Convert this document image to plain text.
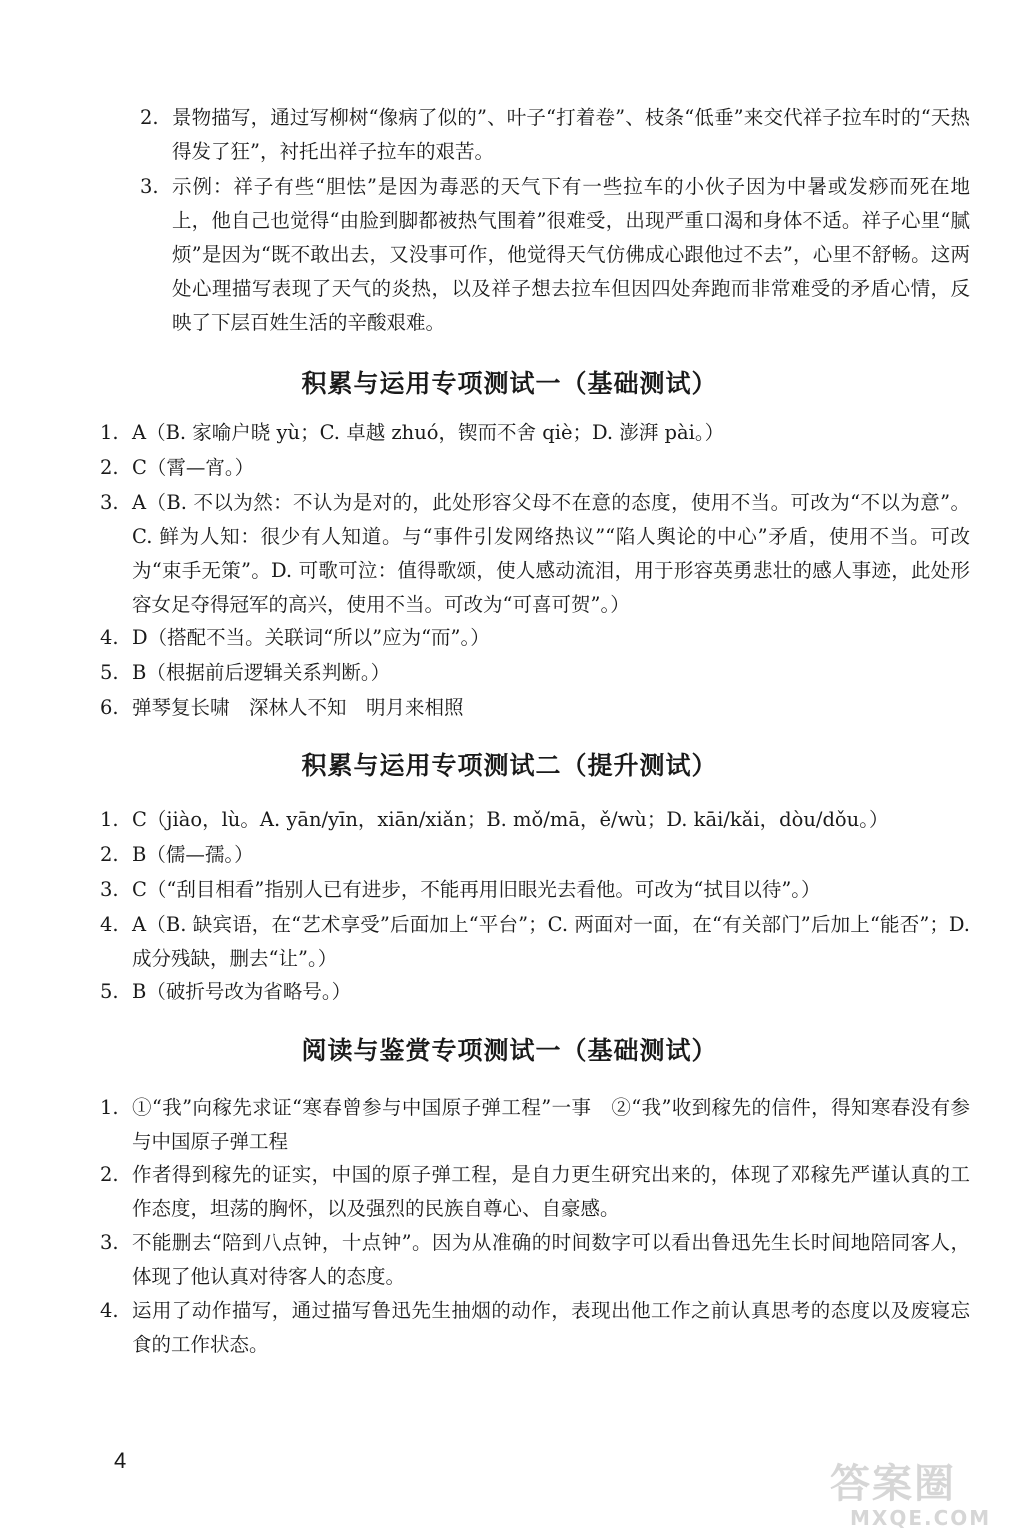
2. 景物描写，通过写柳树“像病了似的”、叶子“打着卷”、枝条“低垂”来交代祥子拉车时的“天热得发了狂”，衬托出祥子拉车的艰苦。
3. 示例：祥子有些“胆怯”是因为毒恶的天气下有一些拉车的小伙子因为中暑或发痧而死在地上，他自己也觉得“由脸到脚都被热气围着”很难受，出现严重口渴和身体不适。祥子心里“腻烦”是因为“既不敢出去，又没事可作，他觉得天气仿佛成心跟他过不去”，心里不舒畅。这两处心理描写表现了天气的炎热，以及祥子想去拉车但因四处奔跑而非常难受的矛盾心情，反映了下层百姓生活的辛酸艰难。
积累与运用专项测试一（基础测试）
1. A（B. 家喻户晓 yù；C. 卓越 zhuó，锲而不舍 qiè；D. 澎湃 pài。）
2. C（霄—宵。）
3. A（B. 不以为然：不认为是对的，此处形容父母不在意的态度，使用不当。可改为“不以为意”。C. 鲜为人知：很少有人知道。与“事件引发网络热议”“陷人舆论的中心”矛盾，使用不当。可改为“束手无策”。D. 可歌可泣：值得歌颂，使人感动流泪，用于形容英勇悲壮的感人事迹，此处形容女足夺得冠军的高兴，使用不当。可改为“可喜可贺”。）
4. D（搭配不当。关联词“所以”应为“而”。）
5. B（根据前后逻辑关系判断。）
6. 弹琴复长啸　深林人不知　明月来相照
积累与运用专项测试二（提升测试）
1. C（jiào，lù。A. yān/yīn，xiān/xiǎn；B. mǒ/mā，ě/wù；D. kāi/kǎi，dòu/dǒu。）
2. B（儒—孺。）
3. C（“刮目相看”指别人已有进步，不能再用旧眼光去看他。可改为“拭目以待”。）
4. A（B. 缺宾语，在“艺术享受”后面加上“平台”；C. 两面对一面，在“有关部门”后加上“能否”；D. 成分残缺，删去“让”。）
5. B（破折号改为省略号。）
阅读与鉴赏专项测试一（基础测试）
1. ①“我”向稼先求证“寒春曾参与中国原子弹工程”一事　②“我”收到稼先的信件，得知寒春没有参与中国原子弹工程
2. 作者得到稼先的证实，中国的原子弹工程，是自力更生研究出来的，体现了邓稼先严谨认真的工作态度，坦荡的胸怀，以及强烈的民族自尊心、自豪感。
3. 不能删去“陪到八点钟，十点钟”。因为从准确的时间数字可以看出鲁迅先生长时间地陪同客人，体现了他认真对待客人的态度。
4. 运用了动作描写，通过描写鲁迅先生抽烟的动作，表现出他工作之前认真思考的态度以及废寝忘食的工作状态。
4
答案圈
MXQE.COM
